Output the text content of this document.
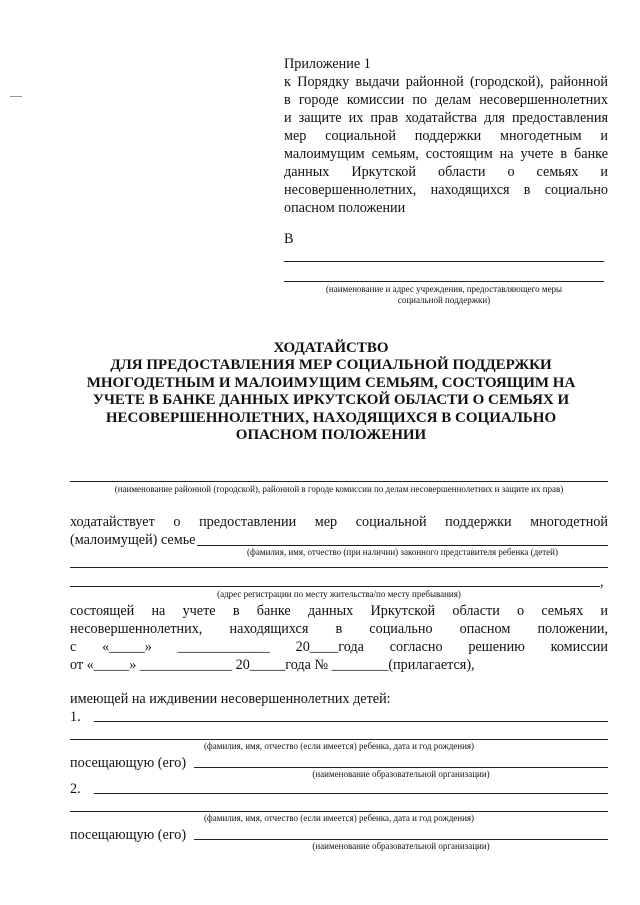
Приложение 1
к Порядку выдачи районной (городской), районной
в городе комиссии по делам несовершеннолетних
и защите их прав ходатайства для предоставления
мер социальной поддержки многодетным и
малоимущим семьям, состоящим на учете в банке
данных Иркутской области о семьях и
несовершеннолетних, находящихся в социально
опасном положении
В
(наименование и адрес учреждения, предоставляющего меры
социальной поддержки)
ХОДАТАЙСТВО
ДЛЯ ПРЕДОСТАВЛЕНИЯ МЕР СОЦИАЛЬНОЙ ПОДДЕРЖКИ
МНОГОДЕТНЫМ И МАЛОИМУЩИМ СЕМЬЯМ, СОСТОЯЩИМ НА
УЧЕТЕ В БАНКЕ ДАННЫХ ИРКУТСКОЙ ОБЛАСТИ О СЕМЬЯХ И
НЕСОВЕРШЕННОЛЕТНИХ, НАХОДЯЩИХСЯ В СОЦИАЛЬНО
ОПАСНОМ ПОЛОЖЕНИИ
(наименование районной (городской), районной в городе комиссии по делам несовершеннолетних и защите их прав)
ходатайствует о предоставлении мер социальной поддержки многодетной
(малоимущей) семье
(фамилия, имя, отчество (при наличии) законного представителя ребенка (детей)
,
(адрес регистрации по месту жительства/по месту пребывания)
состоящей на учете в банке данных Иркутской области о семьях и
несовершеннолетних, находящихся в социально опасном положении,
с «_____» _____________ 20____года согласно решению комиссии
от «_____» _____________ 20_____года № ________(прилагается),
имеющей на иждивении несовершеннолетних детей:
1.
(фамилия, имя, отчество (если имеется) ребенка, дата и год рождения)
посещающую (его)
(наименование образовательной организации)
2.
(фамилия, имя, отчество (если имеется) ребенка, дата и год рождения)
посещающую (его)
(наименование образовательной организации)
